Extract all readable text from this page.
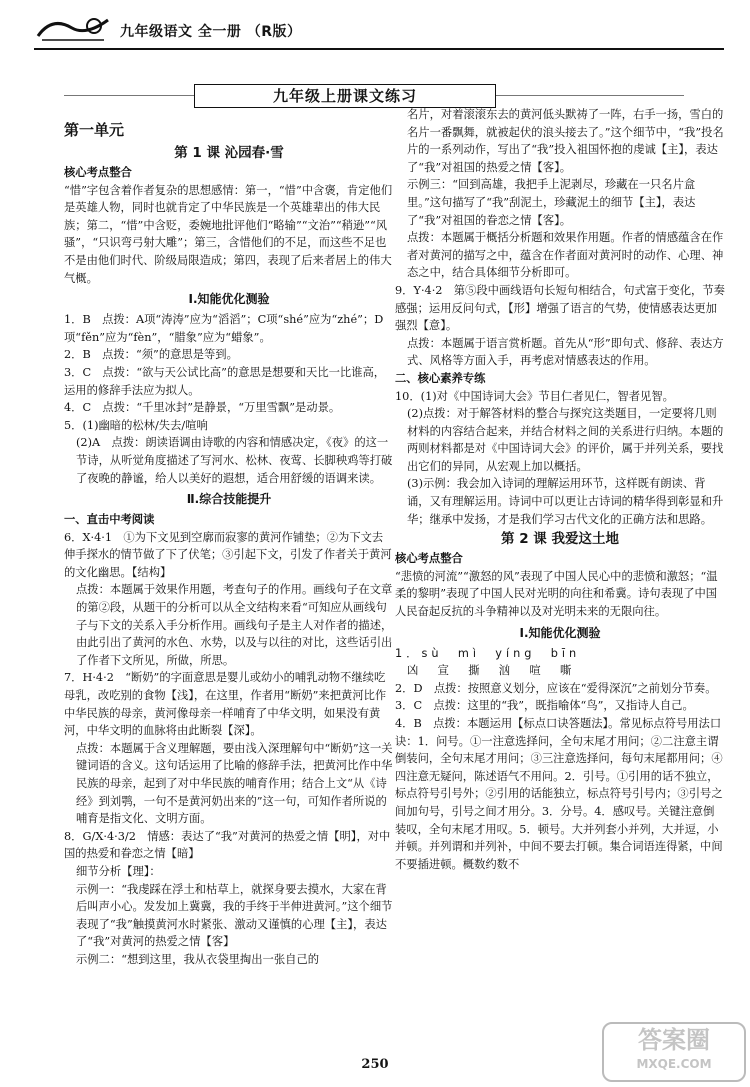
九年级语文 全一册 （R版）
九年级上册课文练习

第一单元

第 1 课 沁园春·雪

核心考点整合

“惜”字包含着作者复杂的思想感情：第一，“惜”中含褒，肯定他们是英雄人物，同时也就肯定了中华民族是一个英雄辈出的伟大民族；第二，“惜”中含贬，委婉地批评他们“略输”“文治”“稍逊”“风骚”，“只识弯弓射大雕”；第三，含惜他们的不足，而这些不足也不是由他们时代、阶级局限造成；第四，表现了后来者居上的伟大气概。

Ⅰ.知能优化测验

1．B　点拨：A项“涛涛”应为“滔滔”；C项“shé”应为“zhé”；D项“fěn”应为“fèn”，“腊象”应为“蜡象”。

2．B　点拨：“须”的意思是等到。

3．C　点拨：“欲与天公试比高”的意思是想要和天比一比谁高，运用的修辞手法应为拟人。

4．C　点拨：“千里冰封”是静景，“万里雪飘”是动景。

5．(1)幽暗的松林/失去/喧响

(2)A　点拨：朗读语调由诗歌的内容和情感决定，《夜》的这一节诗，从听觉角度描述了写河水、松林、夜莺、长脚秧鸡等打破了夜晚的静谧，给人以美好的遐想，适合用舒缓的语调来读。

Ⅱ.综合技能提升

一、直击中考阅读

6．X·4·1　①为下文见到空廓而寂寥的黄河作铺垫；②为下文去伸手探水的情节做了下了伏笔；③引起下文，引发了作者关于黄河的文化幽思。【结构】

点拨：本题属于效果作用题，考查句子的作用。画线句子在文章的第②段，从题干的分析可以从全文结构来看“可知应从画线句子与下文的关系入手分析作用。画线句子是主人对作者的描述，由此引出了黄河的水色、水势，以及与以往的对比，这些话引出了作者下文所见，所做，所思。

7．H·4·2　“断奶”的字面意思是婴儿或幼小的哺乳动物不继续吃母乳，改吃别的食物【浅】，在这里，作者用“断奶”来把黄河比作中华民族的母亲，黄河像母亲一样哺育了中华文明，如果没有黄河，中华文明的血脉将由此断裂【深】。

点拨：本题属于含义理解题，要由浅入深理解句中“断奶”这一关键词语的含义。这句话运用了比喻的修辞手法，把黄河比作中华民族的母亲，起到了对中华民族的哺育作用；结合上文“从《诗经》到刘鹗，一句不是黄河奶出来的”这一句，可知作者所说的哺育是指文化、文明方面。

8．G/X·4·3/2　情感：表达了“我”对黄河的热爱之情【明】，对中国的热爱和眷恋之情【暗】

细节分析【理】：

示例一：“我虔踩在浮土和枯草上，就探身要去摸水，大家在背后叫声小心。发发加上冀冀，我的手终于半伸进黄河。”这个细节表现了“我”触摸黄河水时紧张、激动又谨慎的心理【主】，表达了“我”对黄河的热爱之情【客】

示例二：“想到这里，我从衣袋里掏出一张自己的

名片，对着滚滚东去的黄河低头默祷了一阵，右手一扬，雪白的名片一番飘舞，就被起伏的浪头接去了。”这个细节中，“我”投名片的一系列动作，写出了“我”投入祖国怀抱的虔诚【主】，表达了“我”对祖国的热爱之情【客】。

示例三：“回到高雄，我把手上泥剥尽，珍藏在一只名片盒里。”这句描写了“我”刮泥土，珍藏泥土的细节【主】，表达了“我”对祖国的眷恋之情【客】。

点拨：本题属于概括分析题和效果作用题。作者的情感蕴含在作者对黄河的描写之中，蕴含在作者面对黄河时的动作、心理、神态之中，结合具体细节分析即可。

9．Y·4·2　第⑤段中画线语句长短句相结合，句式富于变化，节奏感强；运用反问句式，【形】增强了语言的气势，使情感表达更加强烈【意】。

点拨：本题属于语言赏析题。首先从“形”即句式、修辞、表达方式、风格等方面入手，再考虑对情感表达的作用。

二、核心素养专练

10．(1)对《中国诗词大会》节目仁者见仁，智者见智。

(2)点拨：对于解答材料的整合与探究这类题目，一定要将几则材料的内容结合起来，并结合材料之间的关系进行归纳。本题的两则材料都是对《中国诗词大会》的评价，属于并列关系，要找出它们的异同，从宏观上加以概括。

(3)示例：我会加入诗词的理解运用环节，这样既有朗读、背诵，又有理解运用。诗词中可以更让古诗词的精华得到彰显和升华；继承中发扬，才是我们学习古代文化的正确方法和思路。

第 2 课 我爱这土地

核心考点整合

“悲愤的河流”“激怒的风”表现了中国人民心中的悲愤和激怒；“温柔的黎明”表现了中国人民对光明的向往和希冀。诗句表现了中国人民奋起反抗的斗争精神以及对光明未来的无限向往。

Ⅰ.知能优化测验

1．sù　mì　yíng　bīn

凶　宣　撕　汹　喧　嘶

2．D　点拨：按照意义划分，应该在“爱得深沉”之前划分节奏。

3．C　点拨：这里的“我”，既指喻体“鸟”，又指诗人自己。

4．B　点拨：本题运用【标点口诀答题法】。常见标点符号用法口诀：1．问号。①一注意选择问，全句末尾才用问；②二注意主谓倒装问，全句末尾才用问；③三注意选择问，每句末尾都用问；④四注意无疑问，陈述语气不用问。2．引号。①引用的话不独立，标点符号引号外；②引用的话能独立，标点符号引号内；③引号之间加句号，引号之间才用分。3．分号。4．感叹号。关键注意倒装叹，全句末尾才用叹。5．顿号。大并列套小并列，大并逗，小并顿。并列谓和并列补，中间不要去打顿。集合词语连得紧，中间不要插进顿。概数约数不

250
答案圈
MXQE.COM
